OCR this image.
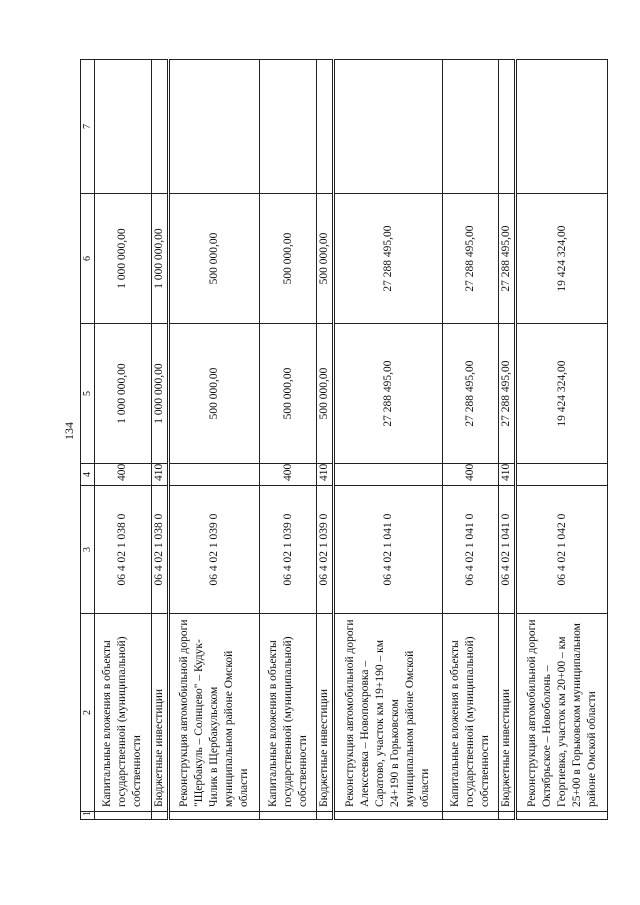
134
1	2	3	4	5	6	7
	Капитальные вложения в объекты государственной (муниципальной) собственности	06 4 02 1 038 0	400	1 000 000,00	1 000 000,00	
	Бюджетные инвестиции	06 4 02 1 038 0	410	1 000 000,00	1 000 000,00	
	Реконструкция автомобильной дороги "Щербакуль – Солнцево" – Кудук-Чилик в Щербакульском муниципальном районе Омской области	06 4 02 1 039 0		500 000,00	500 000,00	
	Капитальные вложения в объекты государственной (муниципальной) собственности	06 4 02 1 039 0	400	500 000,00	500 000,00	
	Бюджетные инвестиции	06 4 02 1 039 0	410	500 000,00	500 000,00	
	Реконструкция автомобильной дороги Алексеевка – Новопокровка – Саратово, участок км 19+190 – км 24+190 в Горьковском муниципальном районе Омской области	06 4 02 1 041 0		27 288 495,00	27 288 495,00	
	Капитальные вложения в объекты государственной (муниципальной) собственности	06 4 02 1 041 0	400	27 288 495,00	27 288 495,00	
	Бюджетные инвестиции	06 4 02 1 041 0	410	27 288 495,00	27 288 495,00	
	Реконструкция автомобильной дороги Октябрьское – Новоболонь – Георгиевка, участок км 20+00 – км 25+00 в Горьковском муниципальном районе Омской области	06 4 02 1 042 0		19 424 324,00	19 424 324,00	
